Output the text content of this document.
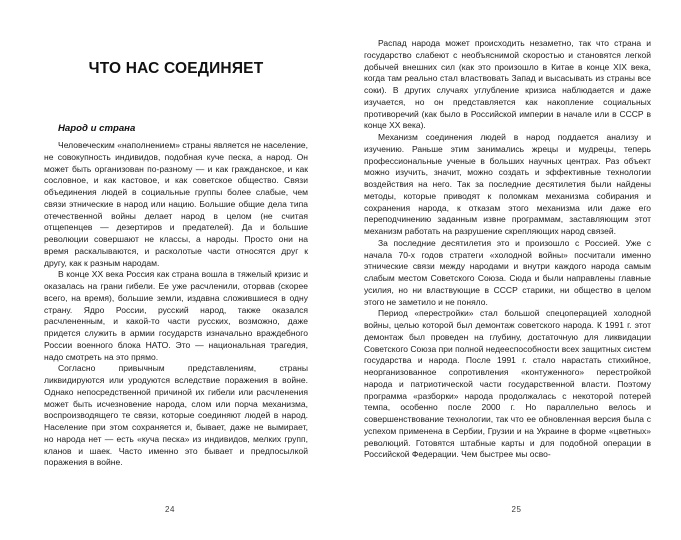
ЧТО НАС СОЕДИНЯЕТ
Народ и страна

Человеческим «наполнением» страны является не население, не совокупность индивидов, подобная куче песка, а народ. Он может быть организован по-разному — и как гражданское, и как сословное, и как кастовое, и как советское общество. Связи объединения людей в социальные группы более слабые, чем связи этнические в народ или нацию. Большие общие дела типа отечественной войны делает народ в целом (не считая отщепенцев — дезертиров и предателей). Да и большие революции совершают не классы, а народы. Просто они на время раскалываются, и расколотые части относятся друг к другу, как к разным народам.

В конце XX века Россия как страна вошла в тяжелый кризис и оказалась на грани гибели. Ее уже расчленили, оторвав (скорее всего, на время), большие земли, издавна сложившиеся в одну страну. Ядро России, русский народ, также оказался расчлененным, и какой-то части русских, возможно, даже придется служить в армии государств изначально враждебного России военного блока НАТО. Это — национальная трагедия, надо смотреть на это прямо.

Согласно привычным представлениям, страны ликвидируются или уродуются вследствие поражения в войне. Однако непосредственной причиной их гибели или расчленения может быть исчезновение народа, слом или порча механизма, воспроизводящего те связи, которые соединяют людей в народ. Население при этом сохраняется и, бывает, даже не вымирает, но народа нет — есть «куча песка» из индивидов, мелких групп, кланов и шаек. Часто именно это бывает и предпосылкой поражения в войне.

24

Распад народа может происходить незаметно, так что страна и государство слабеют с необъяснимой скоростью и становятся легкой добычей внешних сил (как это произошло в Китае в конце XIX века, когда там реально стал властвовать Запад и высасывать из страны все соки). В других случаях углубление кризиса наблюдается и даже изучается, но он представляется как накопление социальных противоречий (как было в Российской империи в начале или в СССР в конце XX века).

Механизм соединения людей в народ поддается анализу и изучению. Раньше этим занимались жрецы и мудрецы, теперь профессиональные ученые в больших научных центрах. Раз объект можно изучить, значит, можно создать и эффективные технологии воздействия на него. Так за последние десятилетия были найдены методы, которые приводят к поломкам механизма собирания и сохранения народа, к отказам этого механизма или даже его переподчинению заданным извне программам, заставляющим этот механизм работать на разрушение скрепляющих народ связей.

За последние десятилетия это и произошло с Россией. Уже с начала 70-х годов стратеги «холодной войны» посчитали именно этнические связи между народами и внутри каждого народа самым слабым местом Советского Союза. Сюда и были направлены главные усилия, но ни властвующие в СССР старики, ни общество в целом этого не заметило и не поняло.

Период «перестройки» стал большой спецоперацией холодной войны, целью которой был демонтаж советского народа. К 1991 г. этот демонтаж был проведен на глубину, достаточную для ликвидации Советского Союза при полной недееспособности всех защитных систем государства и народа. После 1991 г. стало нарастать стихийное, неорганизованное сопротивления «контуженного» перестройкой народа и патриотической части государственной власти. Поэтому программа «разборки» народа продолжалась с некоторой потерей темпа, особенно после 2000 г. Но параллельно велось и совершенствование технологии, так что ее обновленная версия была с успехом применена в Сербии, Грузии и на Украине в форме «цветных» революций. Готовятся штабные карты и для подобной операции в Российской Федерации. Чем быстрее мы осво-

25
